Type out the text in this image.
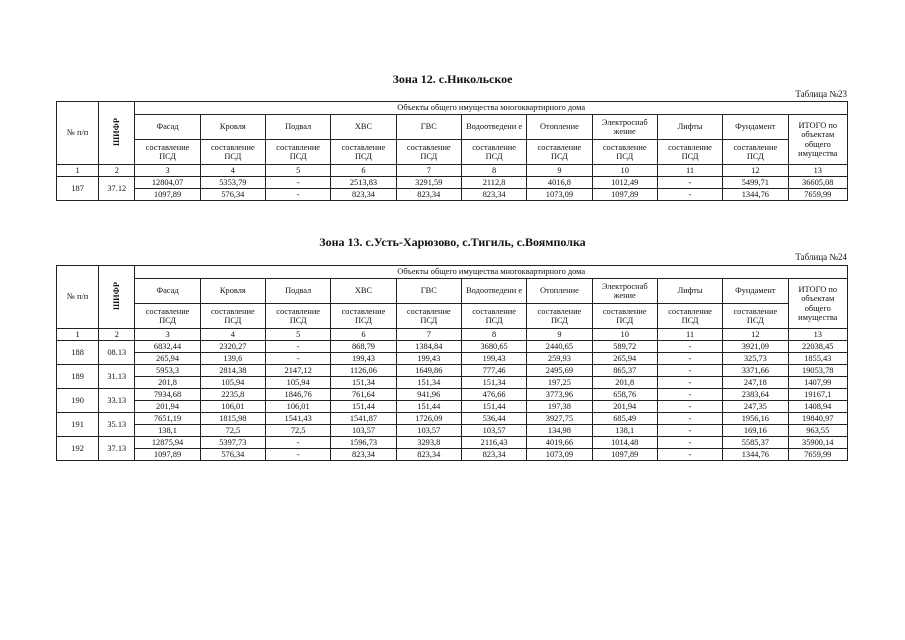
Зона 12. с.Никольское
Таблица №23
№ п/п	ШИФР	Объекты общего имущества многоквартирного дома										
		Фасад	Кровля	Подвал	ХВС	ГВС	Водоотведени е	Отопление	Электроснаб жение	Лифты	Фундамент	ИТОГО по объектам общего имущества
		составление ПСД	составление ПСД	составление ПСД	составление ПСД	составление ПСД	составление ПСД	составление ПСД	составление ПСД	составление ПСД	составление ПСД	
1	2	3	4	5	6	7	8	9	10	11	12	13
187	37.12	12804,07	5353,79	-	2513,83	3291,59	2112,8	4016,8	1012,49	-	5499,71	36605,08
		1097,89	576,34	-	823,34	823,34	823,34	1073,09	1097,89	-	1344,76	7659,99
Зона 13. с.Усть-Харюзово, с.Тигиль, с.Воямполка
Таблица №24
№ п/п	ШИФР	Объекты общего имущества многоквартирного дома										
		Фасад	Кровля	Подвал	ХВС	ГВС	Водоотведени е	Отопление	Электроснаб жение	Лифты	Фундамент	ИТОГО по объектам общего имущества
		составление ПСД	составление ПСД	составление ПСД	составление ПСД	составление ПСД	составление ПСД	составление ПСД	составление ПСД	составление ПСД	составление ПСД	
1	2	3	4	5	6	7	8	9	10	11	12	13
188	08.13	6832,44	2320,27	-	868,79	1384,84	3680,65	2440,65	589,72	-	3921,09	22038,45
		265,94	139,6	-	199,43	199,43	199,43	259,93	265,94	-	325,73	1855,43
189	31.13	5953,3	2814,38	2147,12	1126,06	1649,86	777,46	2495,69	865,37	-	3371,66	19053,78
		201,8	105,94	105,94	151,34	151,34	151,34	197,25	201,8	-	247,18	1407,99
190	33.13	7934,68	2235,8	1846,76	761,64	941,96	476,66	3773,96	658,76	-	2383,64	19167,1
		201,94	106,01	106,01	151,44	151,44	151,44	197,38	201,94	-	247,35	1408,94
191	35.13	7651,19	1815,98	1541,43	1541,87	1726,09	536,44	3927,75	685,49	-	1956,16	19840,97
		138,1	72,5	72,5	103,57	103,57	103,57	134,98	138,1	-	169,16	963,55
192	37.13	12875,94	5397,73	-	1596,73	3293,8	2116,43	4019,66	1014,48	-	5585,37	35900,14
		1097,89	576,34	-	823,34	823,34	823,34	1073,09	1097,89	-	1344,76	7659,99
